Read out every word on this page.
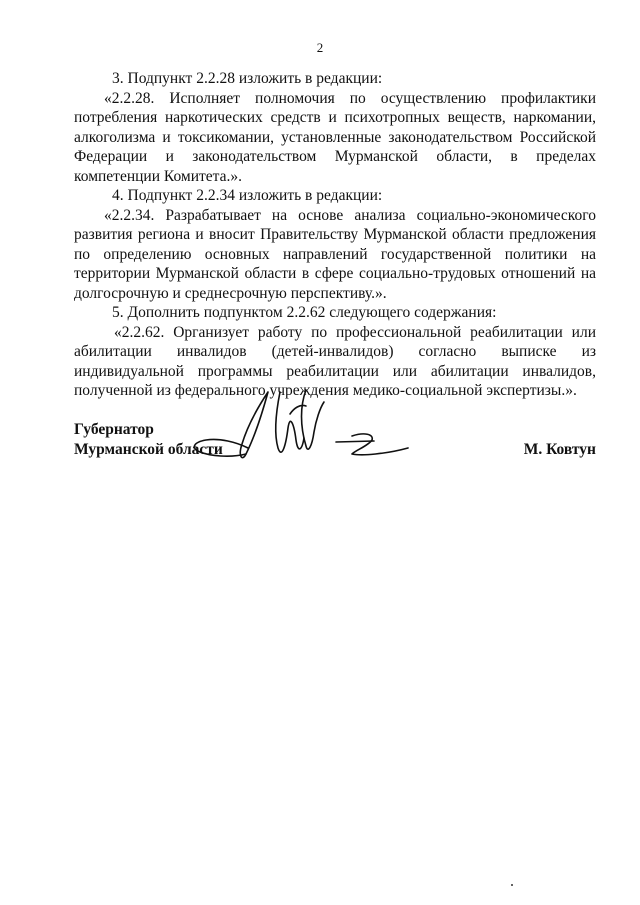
2

3. Подпункт 2.2.28 изложить в редакции:

«2.2.28. Исполняет полномочия по осуществлению профилактики потребления наркотических средств и психотропных веществ, наркомании, алкоголизма и токсикомании, установленные законодательством Российской Федерации и законодательством Мурманской области, в пределах компетенции Комитета.».

4. Подпункт 2.2.34 изложить в редакции:

«2.2.34. Разрабатывает на основе анализа социально-экономического развития региона и вносит Правительству Мурманской области предложения по определению основных направлений государственной политики на территории Мурманской области в сфере социально-трудовых отношений на долгосрочную и среднесрочную перспективу.».

5. Дополнить подпунктом 2.2.62 следующего содержания:

«2.2.62. Организует работу по профессиональной реабилитации или абилитации инвалидов (детей-инвалидов) согласно выписке из индивидуальной программы реабилитации или абилитации инвалидов, полученной из федерального учреждения медико-социальной экспертизы.».

Губернатор
Мурманской области	М. Ковтун
